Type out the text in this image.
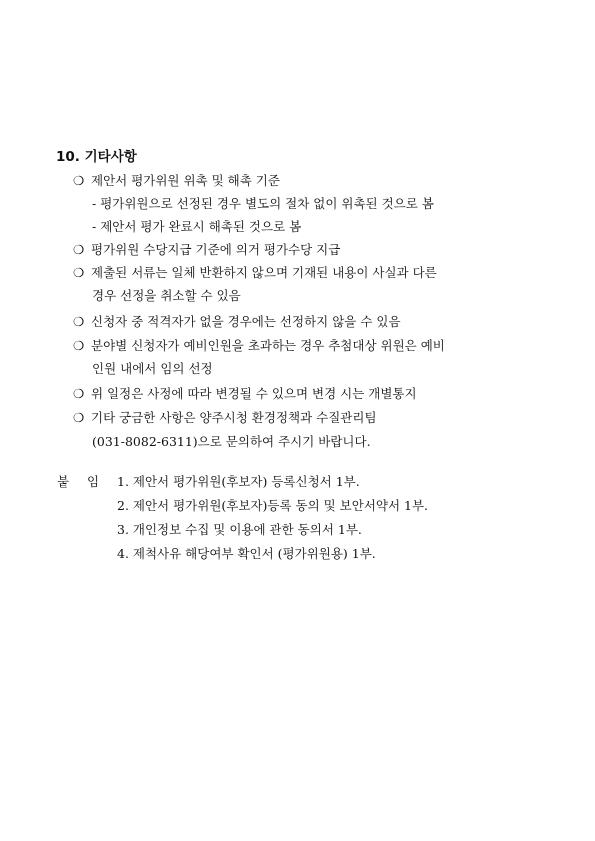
10. 기타사항
❍ 제안서 평가위원 위촉 및 해촉 기준
- 평가위원으로 선정된 경우 별도의 절차 없이 위촉된 것으로 봄
- 제안서 평가 완료시 해촉된 것으로 봄
❍ 평가위원 수당지급 기준에 의거 평가수당 지급
❍ 제출된 서류는 일체 반환하지 않으며 기재된 내용이 사실과 다른
경우 선정을 취소할 수 있음
❍ 신청자 중 적격자가 없을 경우에는 선정하지 않을 수 있음
❍ 분야별 신청자가 예비인원을 초과하는 경우 추첨대상 위원은 예비
인원 내에서 임의 선정
❍ 위 일정은 사정에 따라 변경될 수 있으며 변경 시는 개별통지
❍ 기타 궁금한 사항은 양주시청 환경정책과 수질관리팀
(031-8082-6311)으로 문의하여 주시기 바랍니다.
붙 임 1. 제안서 평가위원(후보자) 등록신청서 1부.
2. 제안서 평가위원(후보자)등록 동의 및 보안서약서 1부.
3. 개인정보 수집 및 이용에 관한 동의서 1부.
4. 제척사유 해당여부 확인서 (평가위원용) 1부.
